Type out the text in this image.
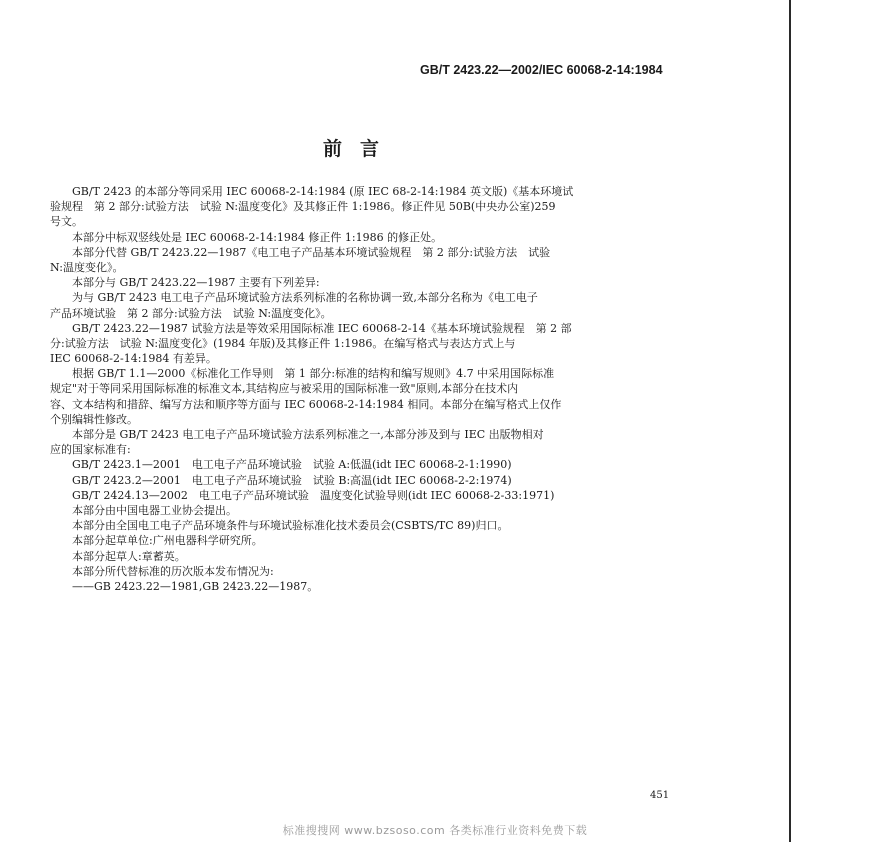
GB/T 2423.22—2002/IEC 60068-2-14:1984
前言
GB/T 2423 的本部分等同采用 IEC 60068-2-14:1984 (原 IEC 68-2-14:1984 英文版)《基本环境试
验规程　第 2 部分:试验方法　试验 N:温度变化》及其修正件 1:1986。修正件见 50B(中央办公室)259
号文。
本部分中标双竖线处是 IEC 60068-2-14:1984 修正件 1:1986 的修正处。
本部分代替 GB/T 2423.22—1987《电工电子产品基本环境试验规程　第 2 部分:试验方法　试验
N:温度变化》。
本部分与 GB/T 2423.22—1987 主要有下列差异:
为与 GB/T 2423 电工电子产品环境试验方法系列标准的名称协调一致,本部分名称为《电工电子
产品环境试验　第 2 部分:试验方法　试验 N:温度变化》。
GB/T 2423.22—1987 试验方法是等效采用国际标准 IEC 60068-2-14《基本环境试验规程　第 2 部
分:试验方法　试验 N:温度变化》(1984 年版)及其修正件 1:1986。在编写格式与表达方式上与
IEC 60068-2-14:1984 有差异。
根据 GB/T 1.1—2000《标准化工作导则　第 1 部分:标准的结构和编写规则》4.7 中采用国际标准
规定"对于等同采用国际标准的标准文本,其结构应与被采用的国际标准一致"原则,本部分在技术内
容、文本结构和措辞、编写方法和顺序等方面与 IEC 60068-2-14:1984 相同。本部分在编写格式上仅作
个别编辑性修改。
本部分是 GB/T 2423 电工电子产品环境试验方法系列标准之一,本部分涉及到与 IEC 出版物相对
应的国家标准有:
GB/T 2423.1—2001　电工电子产品环境试验　试验 A:低温(idt IEC 60068-2-1:1990)
GB/T 2423.2—2001　电工电子产品环境试验　试验 B:高温(idt IEC 60068-2-2:1974)
GB/T 2424.13—2002　电工电子产品环境试验　温度变化试验导则(idt IEC 60068-2-33:1971)
本部分由中国电器工业协会提出。
本部分由全国电工电子产品环境条件与环境试验标准化技术委员会(CSBTS/TC 89)归口。
本部分起草单位:广州电器科学研究所。
本部分起草人:章蓄英。
本部分所代替标准的历次版本发布情况为:
——GB 2423.22—1981,GB 2423.22—1987。
451
标准搜搜网 www.bzsoso.com 各类标准行业资料免费下载
